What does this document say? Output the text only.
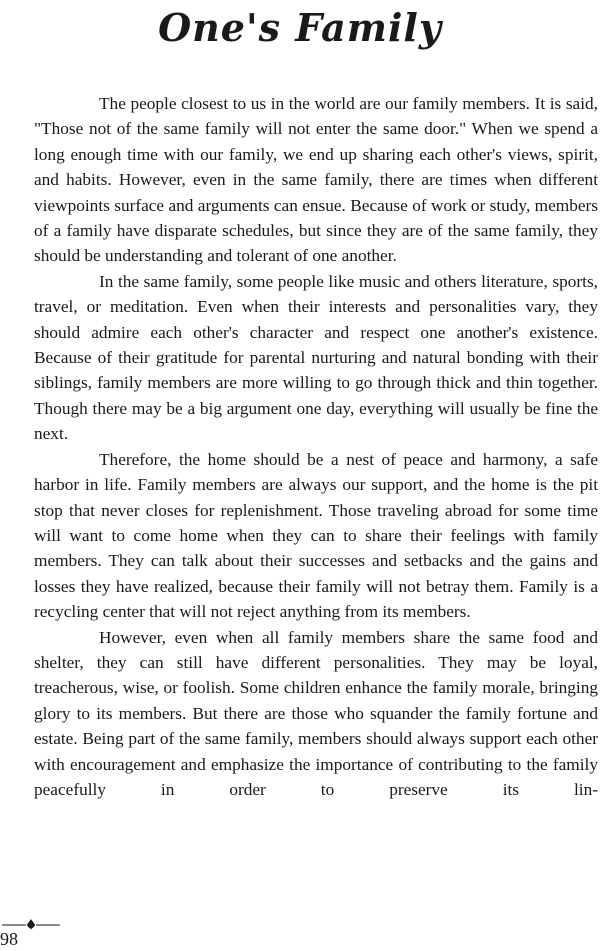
One's Family

The people closest to us in the world are our family members. It is said, "Those not of the same family will not enter the same door." When we spend a long enough time with our family, we end up sharing each other's views, spirit, and habits. However, even in the same family, there are times when different viewpoints surface and arguments can ensue. Because of work or study, members of a family have disparate schedules, but since they are of the same family, they should be understanding and tolerant of one another.

In the same family, some people like music and others literature, sports, travel, or meditation. Even when their interests and personalities vary, they should admire each other's character and respect one another's existence. Because of their gratitude for parental nurturing and natural bonding with their siblings, family members are more willing to go through thick and thin together. Though there may be a big argument one day, everything will usually be fine the next.

Therefore, the home should be a nest of peace and harmony, a safe harbor in life. Family members are always our support, and the home is the pit stop that never closes for replenishment. Those traveling abroad for some time will want to come home when they can to share their feelings with family members. They can talk about their successes and setbacks and the gains and losses they have realized, because their family will not betray them. Family is a recycling center that will not reject anything from its members.

However, even when all family members share the same food and shelter, they can still have different personalities. They may be loyal, treacherous, wise, or foolish. Some children enhance the family morale, bringing glory to its members. But there are those who squander the family fortune and estate. Being part of the same family, members should always support each other with encouragement and emphasize the importance of contributing to the family peacefully in order to preserve its lin-

98
